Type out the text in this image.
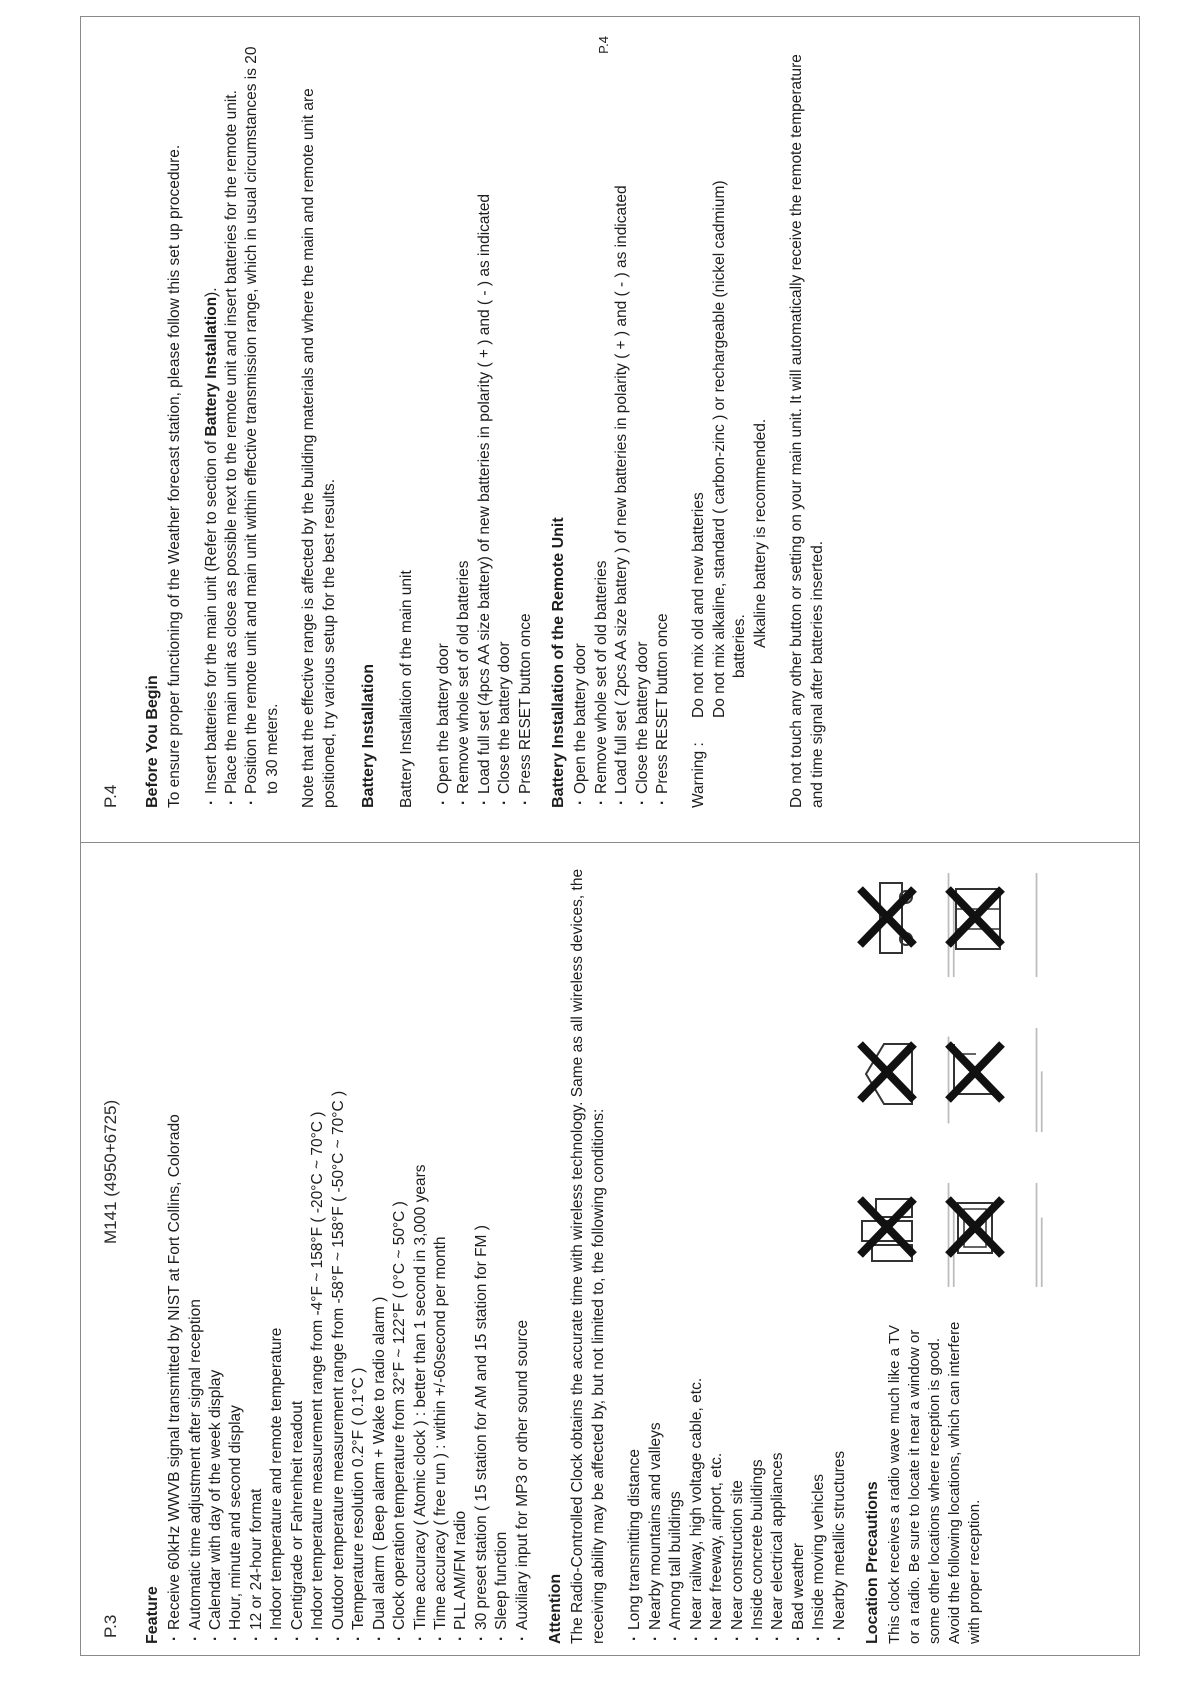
P.3
M141 (4950+6725)
Feature · Receive 60kHz WWVB signal transmitted by NIST at Fort Collins, Colorado · Automatic time adjustment after signal reception · Calendar with day of the week display · Hour, minute and second display · 12 or 24-hour format · Indoor temperature and remote temperature · Centigrade or Fahrenheit readout · Indoor temperature measurement range from -4°F ~ 158°F ( -20°C ~ 70°C ) · Outdoor temperature measurement range from -58°F ~ 158°F ( -50°C ~ 70°C ) · Temperature resolution 0.2°F ( 0.1°C ) · Dual alarm ( Beep alarm + Wake to radio alarm ) · Clock operation temperature from 32°F ~ 122°F ( 0°C ~ 50°C ) · Time accuracy ( Atomic clock ) : better than 1 second in 3,000 years · Time accuracy ( free run ) : within +/-60second per month · PLL AM/FM radio · 30 preset station ( 15 station for AM and 15 station for FM ) · Sleep function · Auxiliary input for MP3 or other sound source Attention The Radio-Controlled Clock obtains the accurate time with wireless technology. Same as all wireless devices, the receiving ability may be affected by, but not limited to, the following conditions: · Long transmitting distance · Nearby mountains and valleys · Among tall buildings · Near railway, high voltage cable, etc. · Near freeway, airport, etc. · Near construction site · Inside concrete buildings · Near electrical appliances · Bad weather · Inside moving vehicles · Nearby metallic structures Location Precautions This clock receives a radio wave much like a TV or a radio. Be sure to locate it near a window or some other locations where reception is good. Avoid the following locations, which can interfere with proper reception.

P.4 Before You Begin To ensure proper functioning of the Weather forecast station, please follow this set up procedure. · Insert batteries for the main unit (Refer to section of Battery Installation). · Place the main unit as close as possible next to the remote unit and insert batteries for the remote unit. · Position the remote unit and main unit within effective transmission range, which in usual circumstances is 20 to 30 meters. Note that the effective range is affected by the building materials and where the main and remote unit are positioned, try various setup for the best results. Battery Installation Battery Installation of the main unit · Open the battery door · Remove whole set of old batteries · Load full set (4pcs AA size battery) of new batteries in polarity ( + ) and ( - ) as indicated · Close the battery door · Press RESET button once Battery Installation of the Remote Unit · Open the battery door · Remove whole set of old batteries · Load full set ( 2pcs AA size battery ) of new batteries in polarity ( + ) and ( - ) as indicated · Close the battery door · Press RESET button once Warning :
Do not mix old and new batteries Do not mix alkaline, standard ( carbon-zinc ) or rechargeable (nickel cadmium) batteries. Alkaline battery is recommended. Do not touch any other button or setting on your main unit. It will automatically receive the remote temperature and time signal after batteries inserted.

P.4
